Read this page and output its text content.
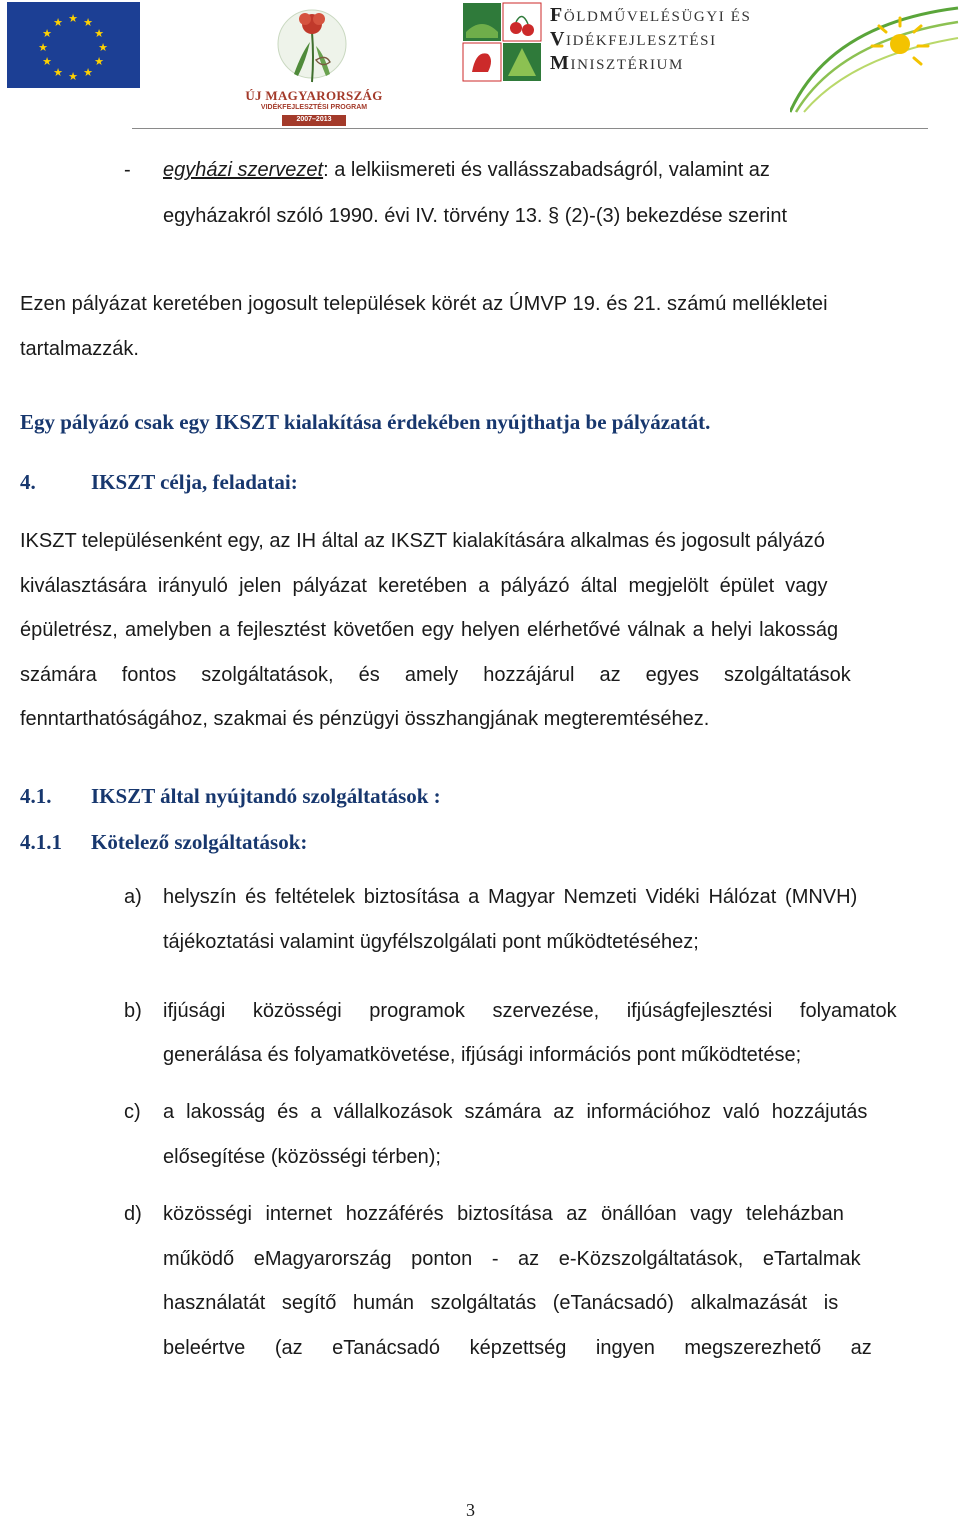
★ ★
★
★
★
★
★
★
★
★
★
★
ÚJ MAGYARORSZÁG
VIDÉKFEJLESZTÉSI PROGRAM
2007–2013
FÖLDMŰVELÉSÜGYI ÉS
VIDÉKFEJLESZTÉSI
MINISZTÉRIUM
- egyházi szervezet: a lelkiismereti és vallásszabadságról, valamint az
egyházakról szóló 1990. évi IV. törvény 13. § (2)-(3) bekezdése szerint
Ezen pályázat keretében jogosult települések körét az ÚMVP 19. és 21. számú mellékletei
tartalmazzák.
Egy pályázó csak egy IKSZT kialakítása érdekében nyújthatja be pályázatát.
4.	IKSZT célja, feladatai:
IKSZT településenként egy, az IH által az IKSZT kialakítására alkalmas és jogosult pályázó
kiválasztására irányuló jelen pályázat keretében a pályázó által megjelölt épület vagy
épületrész, amelyben a fejlesztést követően egy helyen elérhetővé válnak a helyi lakosság
számára fontos szolgáltatások, és amely hozzájárul az egyes szolgáltatások
fenntarthatóságához, szakmai és pénzügyi összhangjának megteremtéséhez.
4.1. IKSZT által nyújtandó szolgáltatások :
4.1.1 Kötelező szolgáltatások:
a) helyszín és feltételek biztosítása a Magyar Nemzeti Vidéki Hálózat (MNVH)
tájékoztatási valamint ügyfélszolgálati pont működtetéséhez;
b) ifjúsági közösségi programok szervezése, ifjúságfejlesztési folyamatok
generálása és folyamatkövetése, ifjúsági információs pont működtetése;
c) a lakosság és a vállalkozások számára az információhoz való hozzájutás
elősegítése (közösségi térben);
d) közösségi internet hozzáférés biztosítása az önállóan vagy teleházban
működő eMagyarország ponton - az e-Közszolgáltatások, eTartalmak
használatát segítő humán szolgáltatás (eTanácsadó) alkalmazását is
beleértve (az eTanácsadó képzettség ingyen megszerezhető az
3
